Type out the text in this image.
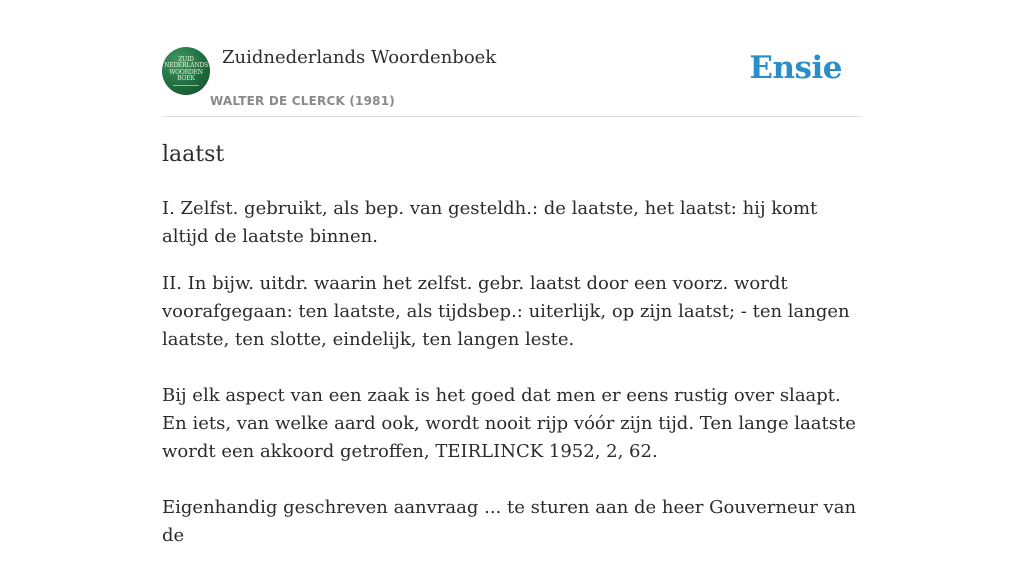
ZUID
NEDERLANDS
WOORDEN
BOEK
Zuidnederlands Woordenboek
WALTER DE CLERCK (1981)
Ensie
laatst

I. Zelfst. gebruikt, als bep. van gesteldh.: de laatste, het laatst: hij komt altijd de laatste binnen.

II. In bijw. uitdr. waarin het zelfst. gebr. laatst door een voorz. wordt voorafgegaan: ten laatste, als tijdsbep.: uiterlijk, op zijn laatst; - ten langen laatste, ten slotte, eindelijk, ten langen leste.

Bij elk aspect van een zaak is het goed dat men er eens rustig over slaapt. En iets, van welke aard ook, wordt nooit rijp vóór zijn tijd. Ten lange laatste wordt een akkoord getroffen, TEIRLINCK 1952, 2, 62.

Eigenhandig geschreven aanvraag ... te sturen aan de heer Gouverneur van de
